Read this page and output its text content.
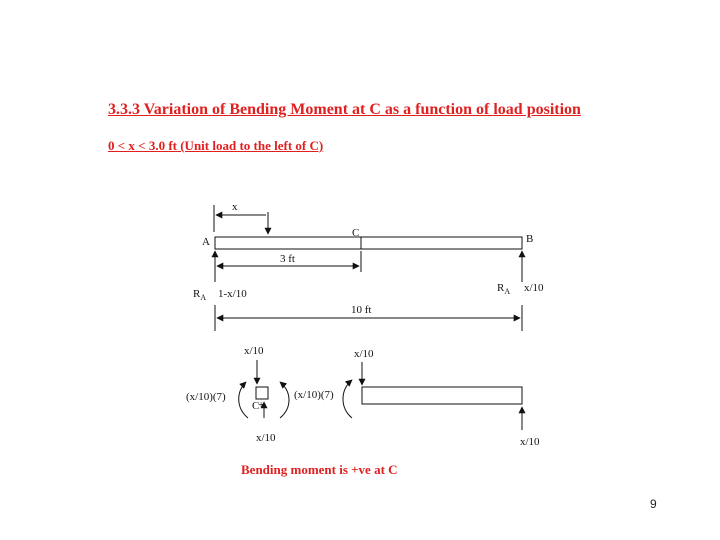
3.3.3 Variation of Bending Moment at C as a function of load position
0 < x < 3.0 ft (Unit load to the left of C)
x
A
C	B
3 ft
$R_A$ 1-x/10	$R_A$ x/10
10 ft
x/10
x/10
+
C
(x/10)(7)	(x/10)(7)
x/10
x/10
Bending moment is +ve at C
9
